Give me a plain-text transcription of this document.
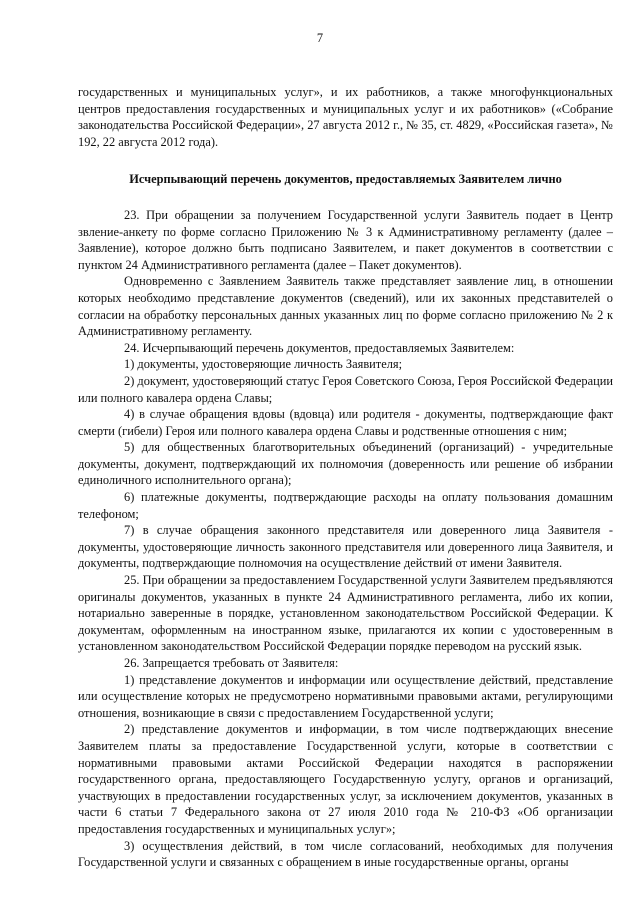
7

государственных и муниципальных услуг», и их работников, а также многофункциональных центров предоставления государственных и муниципальных услуг и их работников» («Собрание законодательства Российской Федерации», 27 августа 2012 г., № 35, ст. 4829, «Российская газета», № 192, 22 августа 2012 года).

Исчерпывающий перечень документов, предоставляемых Заявителем лично

23. При обращении за получением Государственной услуги Заявитель подает в Центр звление-анкету по форме согласно Приложению № 3 к Административному регламенту (далее – Заявление), которое должно быть подписано Заявителем, и пакет документов в соответствии с пунктом 24 Административного регламента (далее – Пакет документов).

Одновременно с Заявлением Заявитель также представляет заявление лиц, в отношении которых необходимо представление документов (сведений), или их законных представителей о согласии на обработку персональных данных указанных лиц по форме согласно приложению № 2 к Административному регламенту.

24. Исчерпывающий перечень документов, предоставляемых Заявителем:

1) документы, удостоверяющие личность Заявителя;

2) документ, удостоверяющий статус Героя Советского Союза, Героя Российской Федерации или полного кавалера ордена Славы;

4) в случае обращения вдовы (вдовца) или родителя - документы, подтверждающие факт смерти (гибели) Героя или полного кавалера ордена Славы и родственные отношения с ним;

5) для общественных благотворительных объединений (организаций) - учредительные документы, документ, подтверждающий их полномочия (доверенность или решение об избрании единоличного исполнительного органа);

6) платежные документы, подтверждающие расходы на оплату пользования домашним телефоном;

7) в случае обращения законного представителя или доверенного лица Заявителя - документы, удостоверяющие личность законного представителя или доверенного лица Заявителя, и документы, подтверждающие полномочия на осуществление действий от имени Заявителя.

25. При обращении за предоставлением Государственной услуги Заявителем предъявляются оригиналы документов, указанных в пункте 24 Административного регламента, либо их копии, нотариально заверенные в порядке, установленном законодательством Российской Федерации. К документам, оформленным на иностранном языке, прилагаются их копии с удостоверенным в установленном законодательством Российской Федерации порядке переводом на русский язык.

26. Запрещается требовать от Заявителя:

1) представление документов и информации или осуществление действий, представление или осуществление которых не предусмотрено нормативными правовыми актами, регулирующими отношения, возникающие в связи с предоставлением Государственной услуги;

2) представление документов и информации, в том числе подтверждающих внесение Заявителем платы за предоставление Государственной услуги, которые в соответствии с нормативными правовыми актами Российской Федерации находятся в распоряжении государственного органа, предоставляющего Государственную услугу, органов и организаций, участвующих в предоставлении государственных услуг, за исключением документов, указанных в части 6 статьи 7 Федерального закона от 27 июля 2010 года № 210-ФЗ «Об организации предоставления государственных и муниципальных услуг»;

3) осуществления действий, в том числе согласований, необходимых для получения Государственной услуги и связанных с обращением в иные государственные органы, органы
